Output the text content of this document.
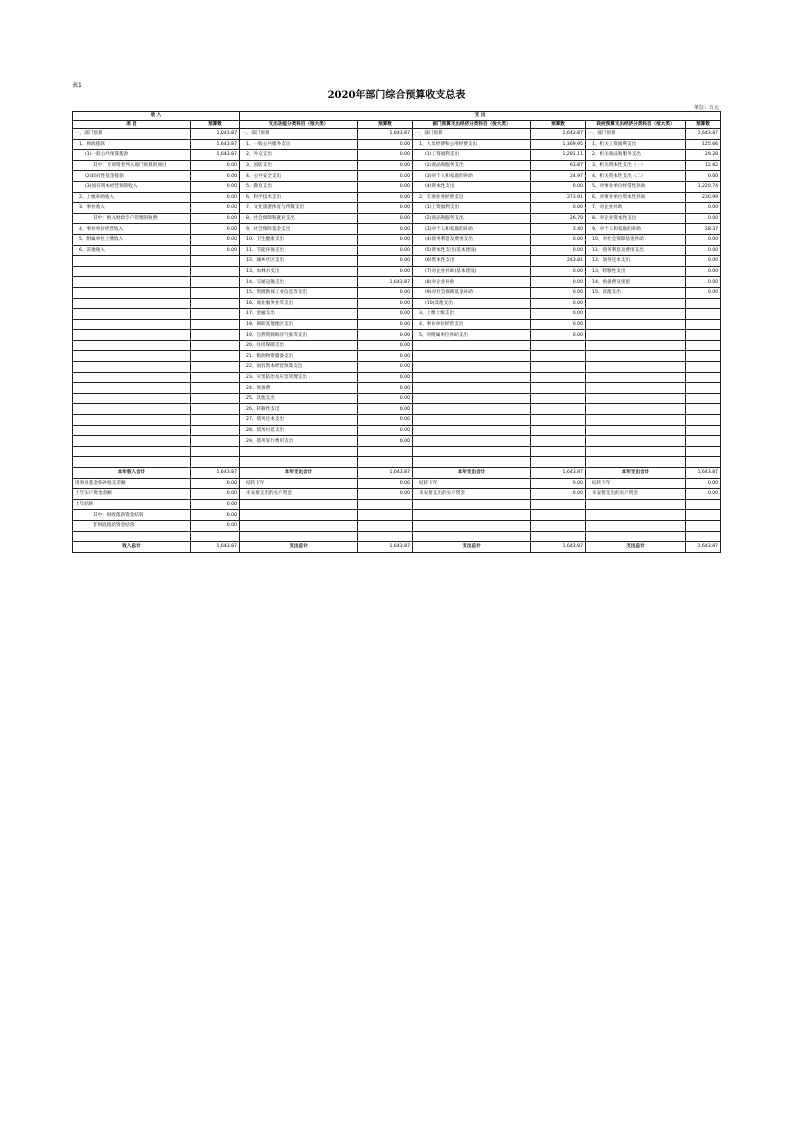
表1
2020年部门综合预算收支总表
单位：万元
收 入		支 出					
项 目	预算数	支出功能分类科目（按大类）	预算数	部门预算支出经济分类科目（按大类）	预算数	政府预算支出经济分类科目（按大类）	预算数
一、部门预算	1,643.87	一、部门预算	1,643.87	一、部门预算	1,643.87	一、部门预算	1,643.87
1、财政拨款	1,643.87	1、一般公共服务支出	0.00	1、人员经费和公用经费支出	1,369.95	1、机关工资福利支出	125.66
(1)一般公共预算拨款	1,643.87	2、外交支出	0.00	(1)工资福利支出	1,281.11	2、机关商品和服务支出	29.28
其中：专项资金列入部门预算的项目	0.00	3、国防支出	0.00	(2)商品和服务支出	63.87	3、机关资本性支出（一）	12.82
(2)政府性基金拨款	0.00	4、公共安全支出	0.00	(3)对个人和家庭的补助	24.97	4、机关资本性支出（二）	0.00
(3)国有资本经营预算收入	0.00	5、教育支出	0.00	(4)资本性支出	0.00	5、对事业单位经常性补助	1,220.74
2、上级补助收入	0.00	6、科学技术支出	0.00	2、专项业务经费支出	273.91	6、对事业单位资本性补助	230.99
3、事业收入	0.00	7、文化旅游体育与传媒支出	0.00	(1)工资福利支出	0.00	7、对企业补助	0.00
其中：纳入财政专户管理的收费	0.00	8、社会保障和就业支出	0.00	(2)商品和服务支出	26.70	8、对企业资本性支出	0.00
4、事业单位经营收入	0.00	9、社会保险基金支出	0.00	(3)对个人和家庭的补助	3.40	9、对个人和家庭的补助	28.37
5、附属单位上缴收入	0.00	10、卫生健康支出	0.00	(4)债务利息及费用支出	0.00	10、对社会保障基金补助	0.00
6、其他收入	0.00	11、节能环保支出	0.00	(5)资本性支出(基本建设)	0.00	11、债务利息及费用支出	0.00
		12、城乡社区支出	0.00	(6)资本性支出	243.81	12、债务还本支出	0.00
		13、农林水支出	0.00	(7)对企业补助(基本建设)	0.00	13、转移性支出	0.00
		14、交通运输支出	1,643.87	(8)对企业补助	0.00	14、预备费及预留	0.00
		15、资源勘探工业信息等支出	0.00	(9)对社会保障基金补助	0.00	15、其他支出	0.00
		16、商业服务业等支出	0.00	(10)其他支出	0.00		
		17、金融支出	0.00	3、上缴上级支出	0.00		
		18、援助其他地区支出	0.00	4、事业单位经营支出	0.00		
		19、自然资源海洋气象等支出	0.00	5、对附属单位补助支出	0.00		
		20、住房保障支出	0.00				
		21、粮油物资储备支出	0.00				
		22、国有资本经营预算支出	0.00				
		23、灾害防治及应急管理支出	0.00				
		24、预备费	0.00				
		25、其他支出	0.00				
		26、转移性支出	0.00				
		27、债务还本支出	0.00				
		28、债务付息支出	0.00				
		29、债务发行费用支出	0.00				

本年收入合计	1,643.87	本年支出合计	1,643.87	本年支出合计	1,643.87	本年支出合计	1,643.87
用事业基金弥补收支差额	0.00	结转下年	0.00	结转下年	0.00	结转下年	0.00
上年实户资金余额	0.00	未安排支出的实户资金	0.00	未安排支出的实户资金	0.00	未安排支出的实户资金	0.00
上年结转	0.00						
其中：财政拨款资金结转	0.00						
非财政拨款资金结余	0.00						

收入总计	1,643.87	支出总计	1,643.87	支出总计	1,643.87	支出总计	1,643.87
